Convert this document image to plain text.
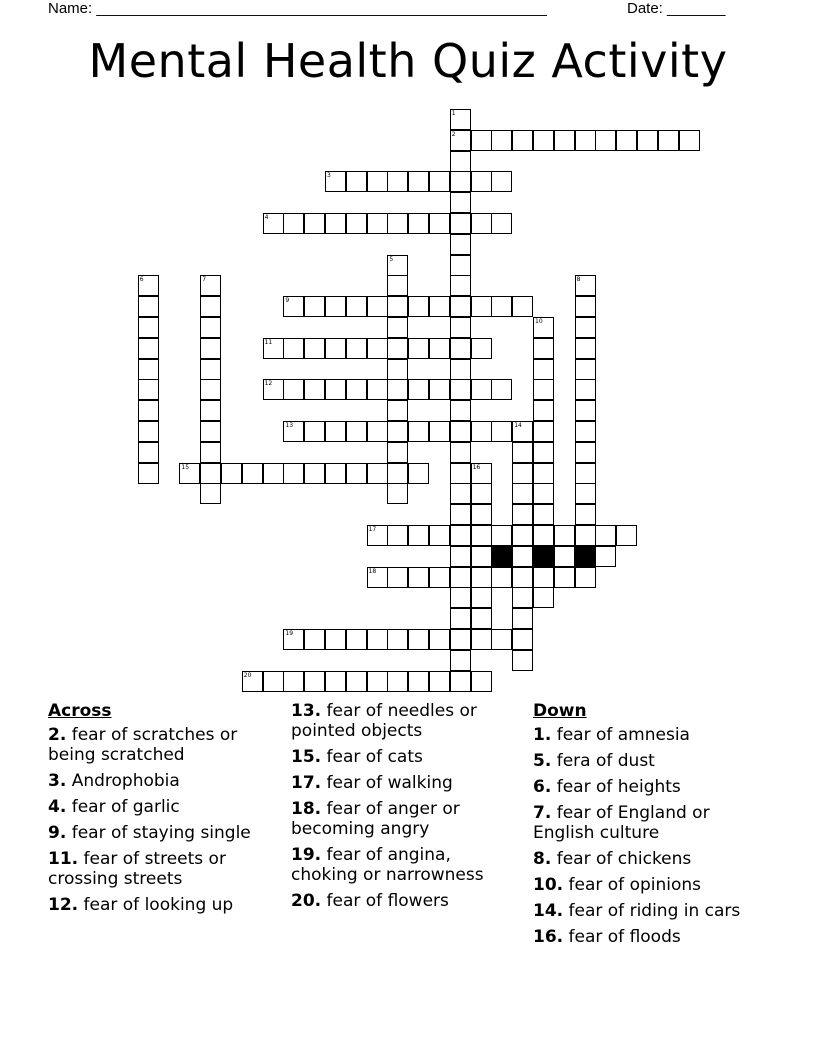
Name: ______________________________________________________	Date: _______
Mental Health Quiz Activity
1
2
3
4
5
6	7	8
9
10
11
12
13	14
15	16
17
18
19
20
Across
2. fear of scratches or being scratched
3. Androphobia
4. fear of garlic
9. fear of staying single
11. fear of streets or crossing streets
12. fear of looking up
13. fear of needles or pointed objects
15. fear of cats
17. fear of walking
18. fear of anger or becoming angry
19. fear of angina, choking or narrowness
20. fear of flowers
Down
1. fear of amnesia
5. fera of dust
6. fear of heights
7. fear of England or English culture
8. fear of chickens
10. fear of opinions
14. fear of riding in cars
16. fear of floods
